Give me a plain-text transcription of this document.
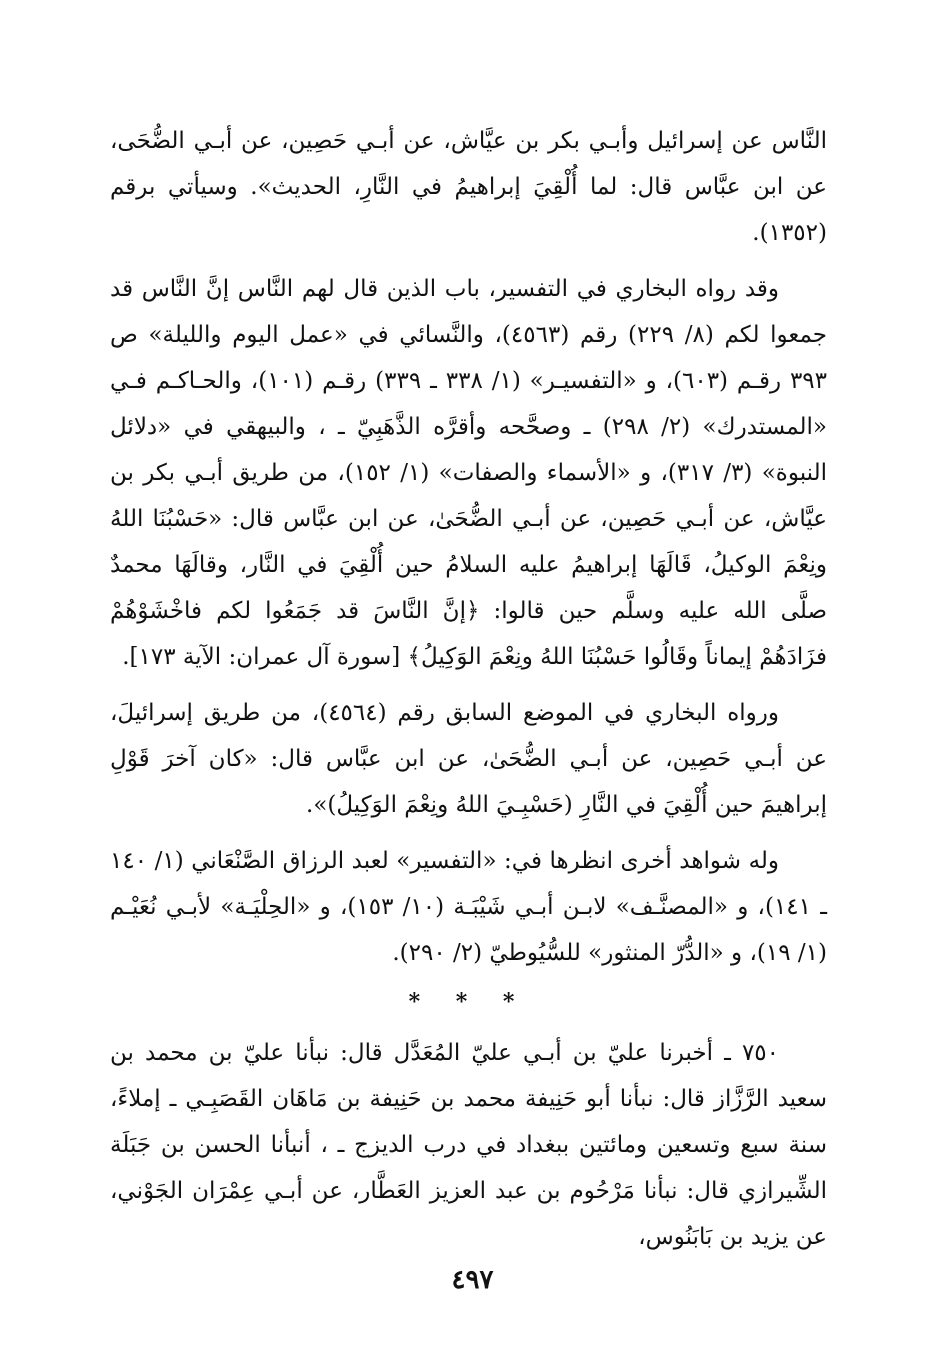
النَّاس عن إسرائيل وأبـي بكر بن عيَّاش، عن أبـي حَصِين، عن أبـي الضُّحَى، عن ابن عبَّاس قال: لما أُلْقِيَ إبراهيمُ في النَّارِ، الحديث». وسيأتي برقم (١٣٥٢).

وقد رواه البخاري في التفسير، باب الذين قال لهم النَّاس إنَّ النَّاس قد جمعوا لكم (٨/ ٢٢٩) رقم (٤٥٦٣)، والنَّسائي في «عمل اليوم والليلة» ص ٣٩٣ رقـم (٦٠٣)، و «التفسيـر» (١/ ٣٣٨ ـ ٣٣٩) رقـم (١٠١)، والحـاكـم فـي «المستدرك» (٢/ ٢٩٨) ـ وصحَّحه وأقرَّه الذَّهَبِيّ ـ ، والبيهقي في «دلائل النبوة» (٣/ ٣١٧)، و «الأسماء والصفات» (١/ ١٥٢)، من طريق أبـي بكر بن عيَّاش، عن أبـي حَصِين، عن أبـي الضُّحَىٰ، عن ابن عبَّاس قال: «حَسْبُنَا اللهُ ونِعْمَ الوكيلُ، قَالَهَا إبراهيمُ عليه السلامُ حين أُلْقِيَ في النَّار، وقالَهَا محمدٌ صلَّى الله عليه وسلَّم حين قالوا: ﴿إنَّ النَّاسَ قد جَمَعُوا لكم فاخْشَوْهُمْ فزَادَهُمْ إيماناً وقَالُوا حَسْبُنَا اللهُ ونِعْمَ الوَكِيلُ﴾ [سورة آل عمران: الآية ١٧٣].

ورواه البخاري في الموضع السابق رقم (٤٥٦٤)، من طريق إسرائيلَ، عن أبـي حَصِين، عن أبـي الضُّحَىٰ، عن ابن عبَّاس قال: «كان آخرَ قَوْلِ إبراهيمَ حين أُلْقِيَ في النَّارِ (حَسْبِـيَ اللهُ ونِعْمَ الوَكِيلُ)».

وله شواهد أخرى انظرها في: «التفسير» لعبد الرزاق الصَّنْعَاني (١/ ١٤٠ ـ ١٤١)، و «المصنَّـف» لابـن أبـي شَيْبَـة (١٠/ ١٥٣)، و «الحِلْيَـة» لأبـي نُعَيْـم (١/ ١٩)، و «الدُّرّ المنثور» للسُّيُوطيّ (٢/ ٢٩٠).

* * *

٧٥٠ ـ أخبرنا عليّ بن أبـي عليّ المُعَدَّل قال: نبأنا عليّ بن محمد بن سعيد الرَّزَّاز قال: نبأنا أبو حَنِيفة محمد بن حَنِيفة بن مَاهَان القَصَبِـي ـ إملاءً، سنة سبع وتسعين ومائتين ببغداد في درب الديزج ـ ، أنبأنا الحسن بن جَبَلَة الشِّيرازي قال: نبأنا مَرْحُوم بن عبد العزيز العَطَّار، عن أبـي عِمْرَان الجَوْني، عن يزيد بن بَابَنُوس،

٤٩٧
